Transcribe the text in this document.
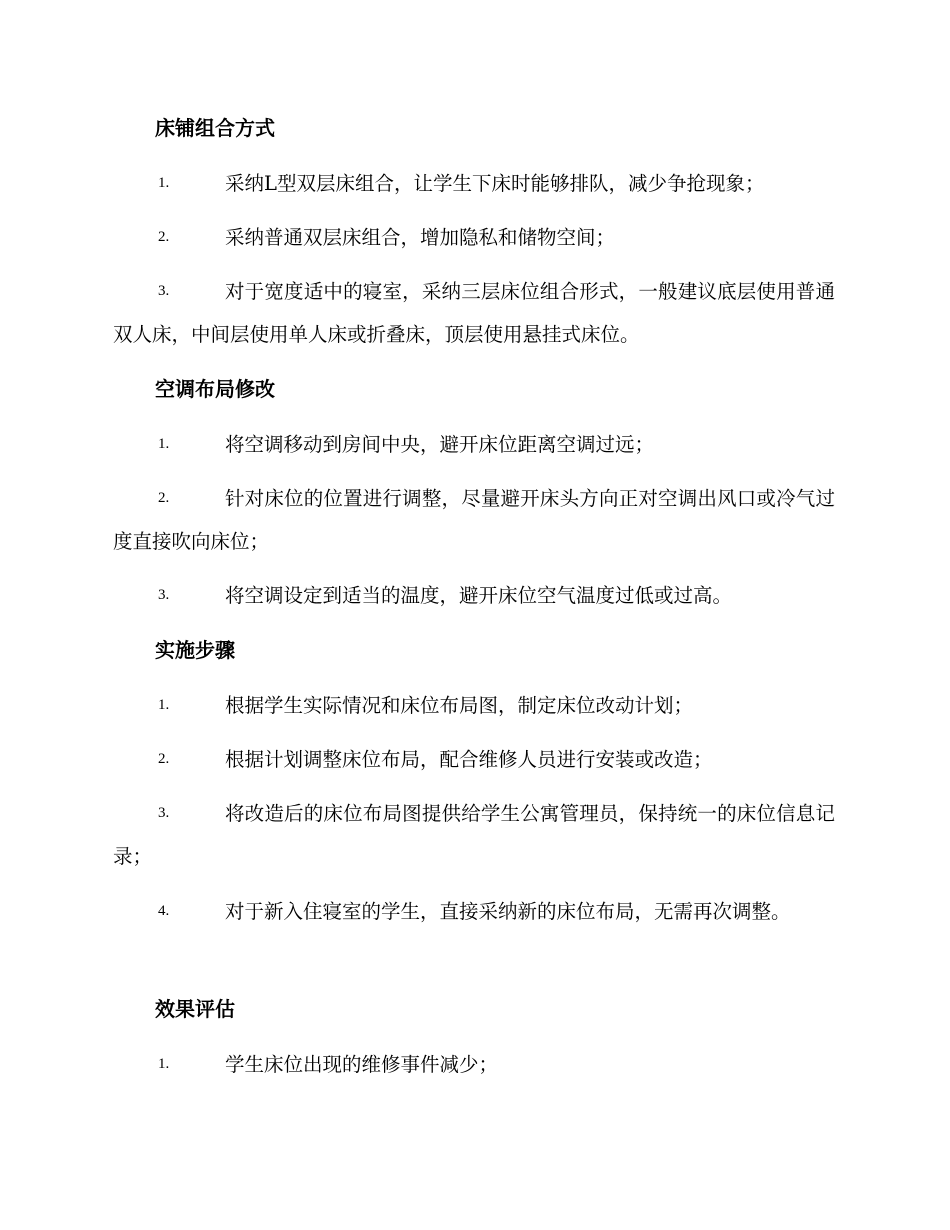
床铺组合方式
1.	采纳L型双层床组合，让学生下床时能够排队，减少争抢现象；
2.	采纳普通双层床组合，增加隐私和储物空间；
3.	对于宽度适中的寝室，采纳三层床位组合形式，一般建议底层使用普通双人床，中间层使用单人床或折叠床，顶层使用悬挂式床位。
空调布局修改
1.	将空调移动到房间中央，避开床位距离空调过远；
2.	针对床位的位置进行调整，尽量避开床头方向正对空调出风口或冷气过度直接吹向床位；
3.	将空调设定到适当的温度，避开床位空气温度过低或过高。
实施步骤
1.	根据学生实际情况和床位布局图，制定床位改动计划；
2.	根据计划调整床位布局，配合维修人员进行安装或改造；
3.	将改造后的床位布局图提供给学生公寓管理员，保持统一的床位信息记录；
4.	对于新入住寝室的学生，直接采纳新的床位布局，无需再次调整。
效果评估
1.	学生床位出现的维修事件减少；
